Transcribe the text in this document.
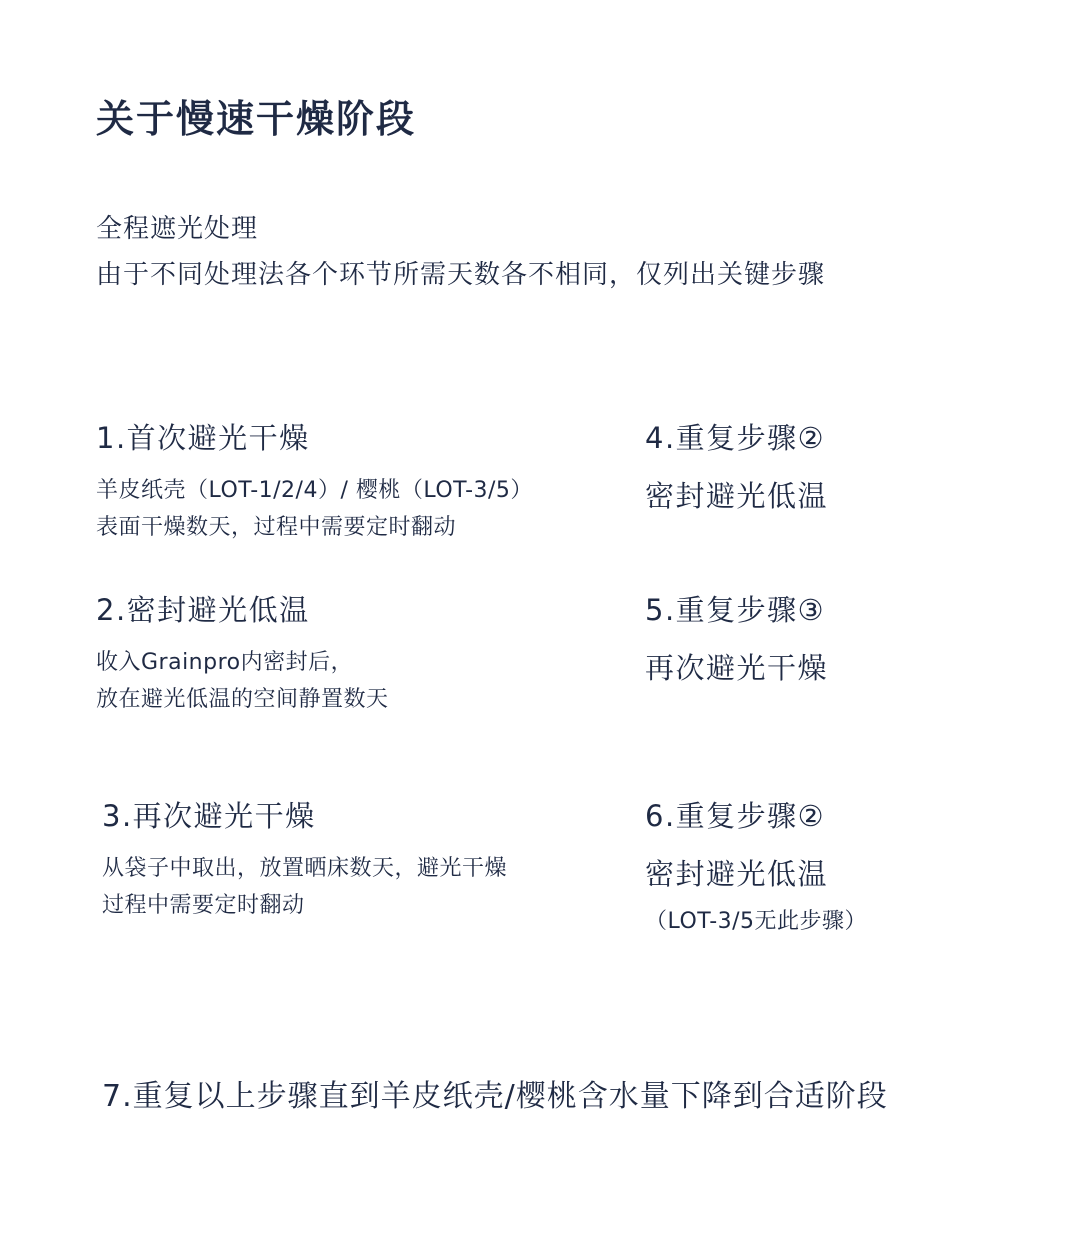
关于慢速干燥阶段
全程遮光处理
由于不同处理法各个环节所需天数各不相同，仅列出关键步骤
1.首次避光干燥
羊皮纸壳（LOT-1/2/4）/ 樱桃（LOT-3/5）
表面干燥数天，过程中需要定时翻动
2.密封避光低温
收入Grainpro内密封后，
放在避光低温的空间静置数天
3.再次避光干燥
从袋子中取出，放置晒床数天，避光干燥
过程中需要定时翻动
4.重复步骤②
密封避光低温
5.重复步骤③
再次避光干燥
6.重复步骤②
密封避光低温
（LOT-3/5无此步骤）
7.重复以上步骤直到羊皮纸壳/樱桃含水量下降到合适阶段
